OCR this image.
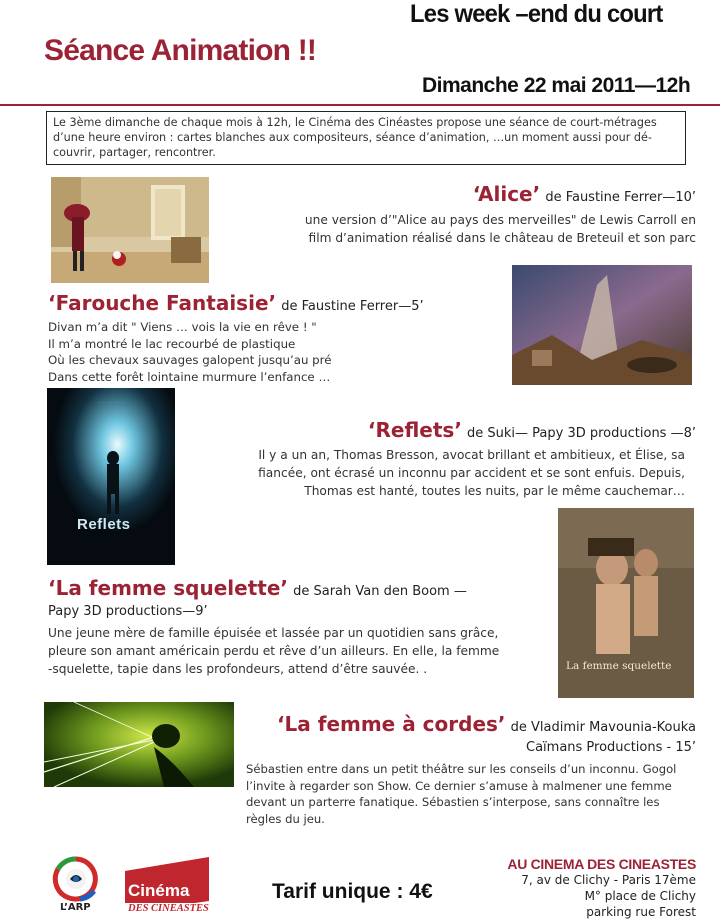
Les week –end du court
Séance Animation !!
Dimanche 22 mai 2011—12h
Le 3ème dimanche de chaque mois à 12h, le Cinéma des Cinéastes propose une séance de court-métrages d’une heure environ : cartes blanches aux compositeurs, séance d’animation, …un moment aussi pour dé-couvrir, partager, rencontrer.
‘Alice’ de Faustine Ferrer—10’
une version d’"Alice au pays des merveilles" de Lewis Carroll en
film d’animation réalisé dans le château de Breteuil et son parc
‘Farouche Fantaisie’ de Faustine Ferrer—5’
Divan m’a dit " Viens … vois la vie en rêve ! "
Il m’a montré le lac recourbé de plastique
Où les chevaux sauvages galopent jusqu’au pré
Dans cette forêt lointaine murmure l’enfance …
· · · · · · · · · · ·
Reflets
‘Reflets’ de Suki— Papy 3D productions —8’
Il y a un an, Thomas Bresson, avocat brillant et ambitieux, et Élise, sa
fiancée, ont écrasé un inconnu par accident et se sont enfuis. Depuis,
Thomas est hanté, toutes les nuits, par le même cauchemar…
‘La femme squelette’ de Sarah Van den Boom —
Papy 3D productions—9’
Une jeune mère de famille épuisée et lassée par un quotidien sans grâce,
pleure son amant américain perdu et rêve d’un ailleurs. En elle, la femme
-squelette, tapie dans les profondeurs, attend d’être sauvée. .	La femme squelette
‘La femme à cordes’ de Vladimir Mavounia-Kouka
Caïmans Productions - 15’
Sébastien entre dans un petit théâtre sur les conseils d’un inconnu. Gogol
l’invite à regarder son Show. Ce dernier s’amuse à malmener une femme
devant un parterre fanatique. Sébastien s’interpose, sans connaître les
règles du jeu.
L’ARP
Cinéma
DES CINEASTES
Tarif unique : 4€
AU CINEMA DES CINEASTES
7, av de Clichy - Paris 17ème
M° place de Clichy
parking rue Forest
